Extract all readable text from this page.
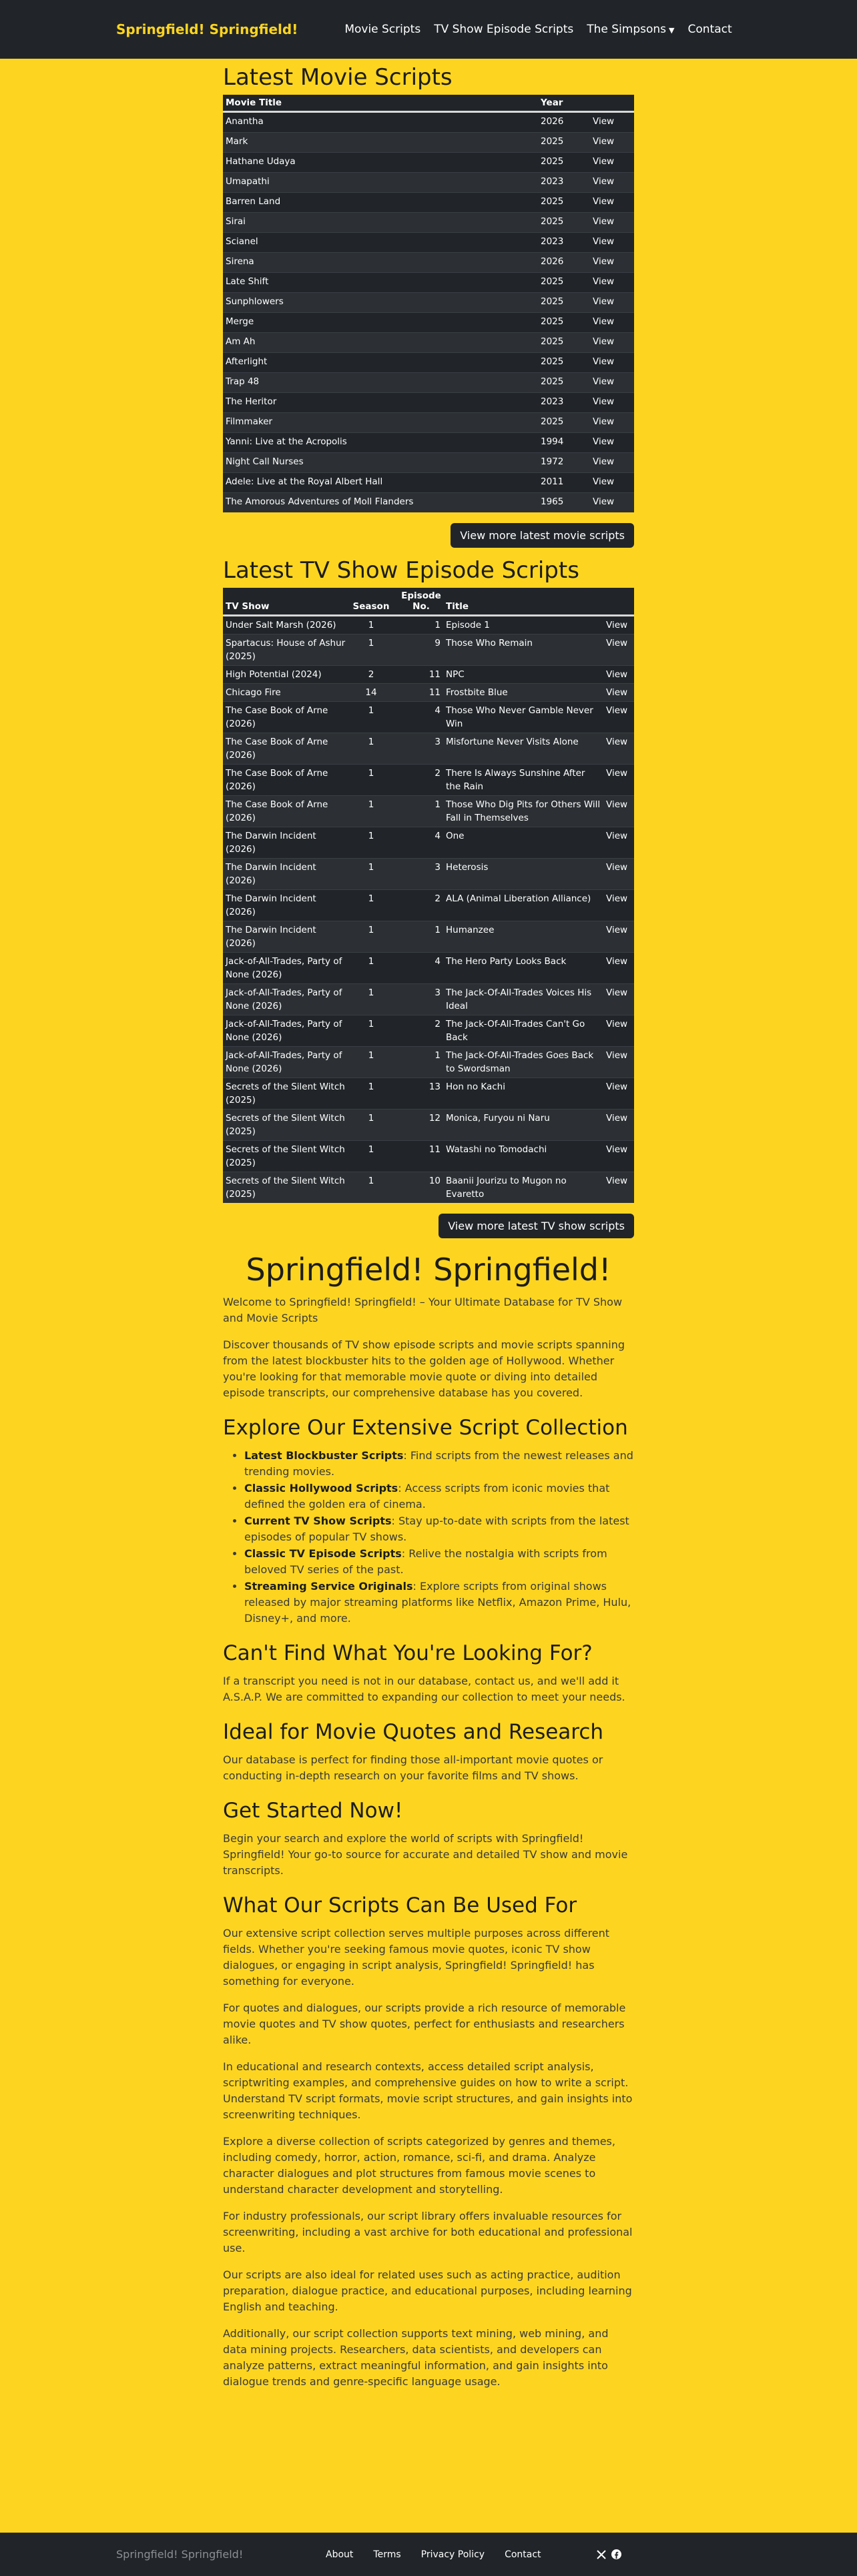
Springfield! Springfield!	Movie Scripts TV Show Episode Scripts The Simpsons ▼ Contact
Latest Movie Scripts
Movie Title	Year	
Anantha	2026	View
Mark	2025	View
Hathane Udaya	2025	View
Umapathi	2023	View
Barren Land	2025	View
Sirai	2025	View
Scianel	2023	View
Sirena	2026	View
Late Shift	2025	View
Sunphlowers	2025	View
Merge	2025	View
Am Ah	2025	View
Afterlight	2025	View
Trap 48	2025	View
The Heritor	2023	View
Filmmaker	2025	View
Yanni: Live at the Acropolis	1994	View
Night Call Nurses	1972	View
Adele: Live at the Royal Albert Hall	2011	View
The Amorous Adventures of Moll Flanders	1965	View
View more latest movie scripts
Latest TV Show Episode Scripts
TV Show	Season	Episode No.	Title	
Under Salt Marsh (2026)	1	1	Episode 1	View
Spartacus: House of Ashur (2025)	1	9	Those Who Remain	View
High Potential (2024)	2	11	NPC	View
Chicago Fire	14	11	Frostbite Blue	View
The Case Book of Arne (2026)	1	4	Those Who Never Gamble Never Win	View
The Case Book of Arne (2026)	1	3	Misfortune Never Visits Alone	View
The Case Book of Arne (2026)	1	2	There Is Always Sunshine After the Rain	View
The Case Book of Arne (2026)	1	1	Those Who Dig Pits for Others Will Fall in Themselves	View
The Darwin Incident (2026)	1	4	One	View
The Darwin Incident (2026)	1	3	Heterosis	View
The Darwin Incident (2026)	1	2	ALA (Animal Liberation Alliance)	View
The Darwin Incident (2026)	1	1	Humanzee	View
Jack-of-All-Trades, Party of None (2026)	1	4	The Hero Party Looks Back	View
Jack-of-All-Trades, Party of None (2026)	1	3	The Jack-Of-All-Trades Voices His Ideal	View
Jack-of-All-Trades, Party of None (2026)	1	2	The Jack-Of-All-Trades Can't Go Back	View
Jack-of-All-Trades, Party of None (2026)	1	1	The Jack-Of-All-Trades Goes Back to Swordsman	View
Secrets of the Silent Witch (2025)	1	13	Hon no Kachi	View
Secrets of the Silent Witch (2025)	1	12	Monica, Furyou ni Naru	View
Secrets of the Silent Witch (2025)	1	11	Watashi no Tomodachi	View
Secrets of the Silent Witch (2025)	1	10	Baanii Jourizu to Mugon no Evaretto	View
View more latest TV show scripts
Springfield! Springfield!

Welcome to Springfield! Springfield! – Your Ultimate Database for TV Show and Movie Scripts

Discover thousands of TV show episode scripts and movie scripts spanning from the latest blockbuster hits to the golden age of Hollywood. Whether you're looking for that memorable movie quote or diving into detailed episode transcripts, our comprehensive database has you covered.

Explore Our Extensive Script Collection
• Latest Blockbuster Scripts: Find scripts from the newest releases and trending movies.
• Classic Hollywood Scripts: Access scripts from iconic movies that defined the golden era of cinema.
• Current TV Show Scripts: Stay up-to-date with scripts from the latest episodes of popular TV shows.
• Classic TV Episode Scripts: Relive the nostalgia with scripts from beloved TV series of the past.
• Streaming Service Originals: Explore scripts from original shows released by major streaming platforms like Netflix, Amazon Prime, Hulu, Disney+, and more.
Can't Find What You're Looking For?

If a transcript you need is not in our database, contact us, and we'll add it A.S.A.P. We are committed to expanding our collection to meet your needs.

Ideal for Movie Quotes and Research

Our database is perfect for finding those all-important movie quotes or conducting in-depth research on your favorite films and TV shows.

Get Started Now!

Begin your search and explore the world of scripts with Springfield! Springfield! Your go-to source for accurate and detailed TV show and movie transcripts.

What Our Scripts Can Be Used For

Our extensive script collection serves multiple purposes across different fields. Whether you're seeking famous movie quotes, iconic TV show dialogues, or engaging in script analysis, Springfield! Springfield! has something for everyone.

For quotes and dialogues, our scripts provide a rich resource of memorable movie quotes and TV show quotes, perfect for enthusiasts and researchers alike.

In educational and research contexts, access detailed script analysis, scriptwriting examples, and comprehensive guides on how to write a script. Understand TV script formats, movie script structures, and gain insights into screenwriting techniques.

Explore a diverse collection of scripts categorized by genres and themes, including comedy, horror, action, romance, sci-fi, and drama. Analyze character dialogues and plot structures from famous movie scenes to understand character development and storytelling.

For industry professionals, our script library offers invaluable resources for screenwriting, including a vast archive for both educational and professional use.

Our scripts are also ideal for related uses such as acting practice, audition preparation, dialogue practice, and educational purposes, including learning English and teaching.

Additionally, our script collection supports text mining, web mining, and data mining projects. Researchers, data scientists, and developers can analyze patterns, extract meaningful information, and gain insights into dialogue trends and genre-specific language usage.

Springfield! Springfield!	About Terms Privacy Policy Contact
